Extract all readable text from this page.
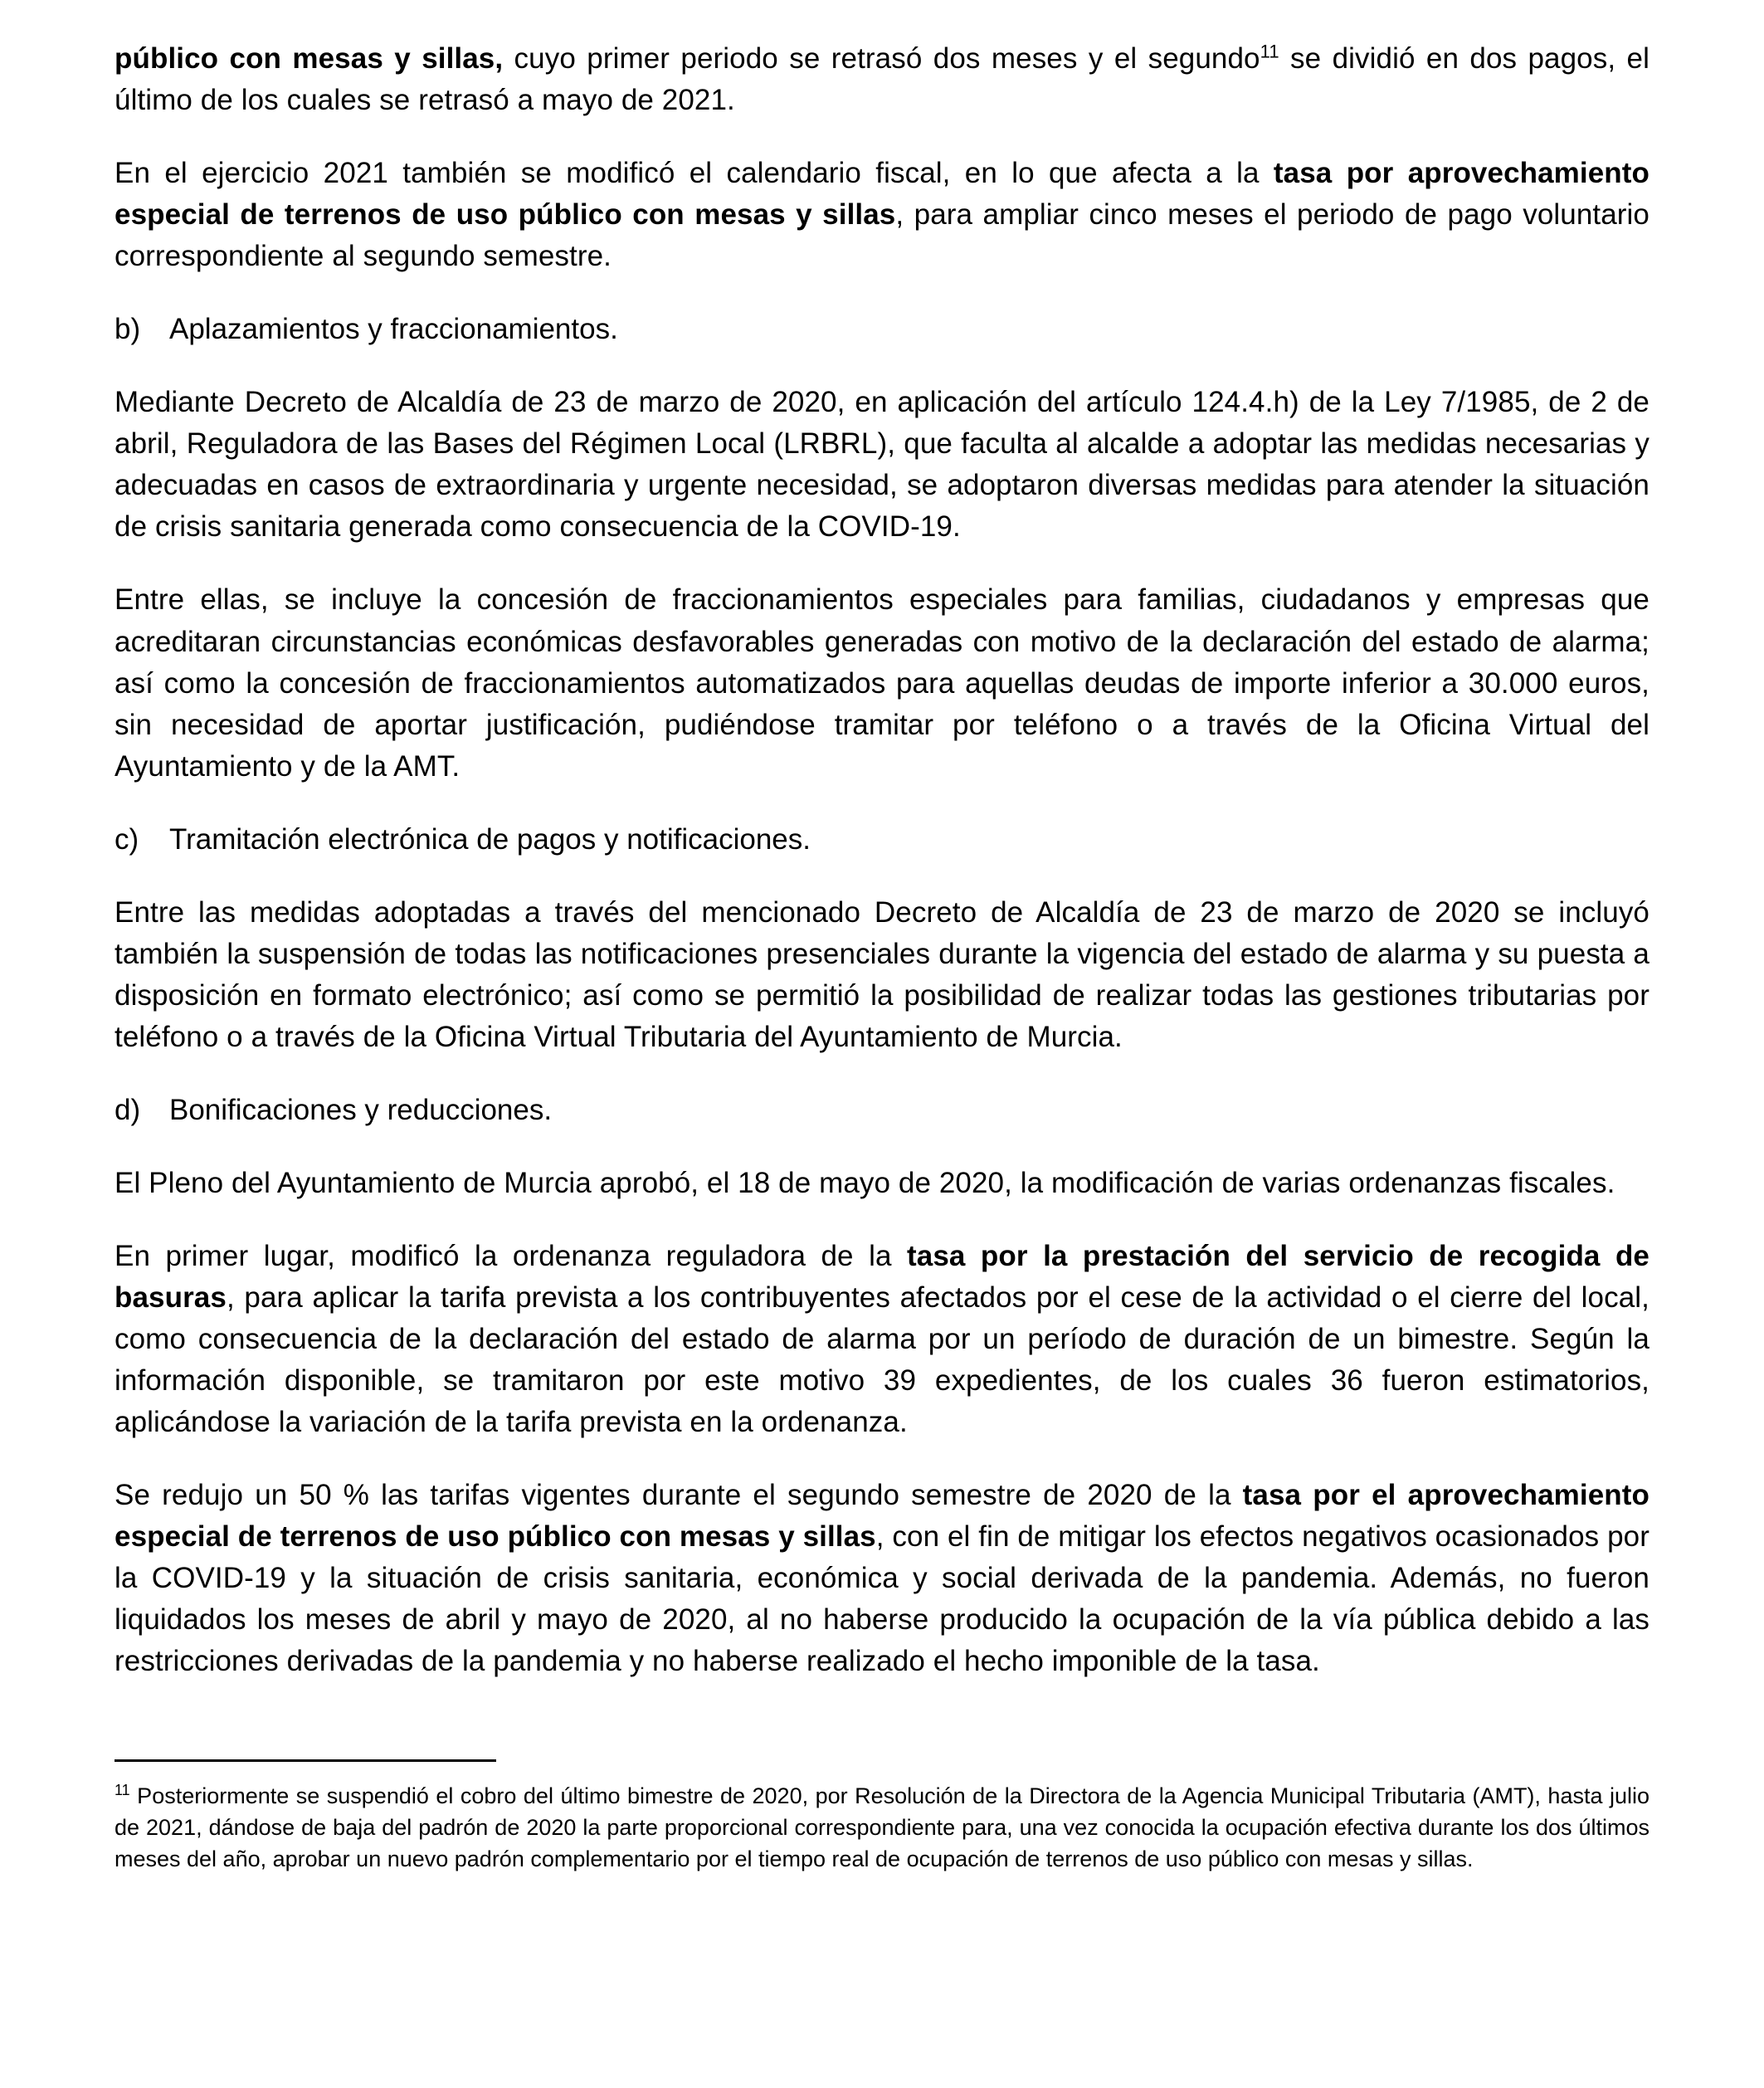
público con mesas y sillas, cuyo primer periodo se retrasó dos meses y el segundo$^{11}$ se dividió en dos pagos, el último de los cuales se retrasó a mayo de 2021.

En el ejercicio 2021 también se modificó el calendario fiscal, en lo que afecta a la tasa por aprovechamiento especial de terrenos de uso público con mesas y sillas, para ampliar cinco meses el periodo de pago voluntario correspondiente al segundo semestre.

b) Aplazamientos y fraccionamientos.

Mediante Decreto de Alcaldía de 23 de marzo de 2020, en aplicación del artículo 124.4.h) de la Ley 7/1985, de 2 de abril, Reguladora de las Bases del Régimen Local (LRBRL), que faculta al alcalde a adoptar las medidas necesarias y adecuadas en casos de extraordinaria y urgente necesidad, se adoptaron diversas medidas para atender la situación de crisis sanitaria generada como consecuencia de la COVID-19.

Entre ellas, se incluye la concesión de fraccionamientos especiales para familias, ciudadanos y empresas que acreditaran circunstancias económicas desfavorables generadas con motivo de la declaración del estado de alarma; así como la concesión de fraccionamientos automatizados para aquellas deudas de importe inferior a 30.000 euros, sin necesidad de aportar justificación, pudiéndose tramitar por teléfono o a través de la Oficina Virtual del Ayuntamiento y de la AMT.

c)	Tramitación electrónica de pagos y notificaciones.

Entre las medidas adoptadas a través del mencionado Decreto de Alcaldía de 23 de marzo de 2020 se incluyó también la suspensión de todas las notificaciones presenciales durante la vigencia del estado de alarma y su puesta a disposición en formato electrónico; así como se permitió la posibilidad de realizar todas las gestiones tributarias por teléfono o a través de la Oficina Virtual Tributaria del Ayuntamiento de Murcia.

d) Bonificaciones y reducciones.

El Pleno del Ayuntamiento de Murcia aprobó, el 18 de mayo de 2020, la modificación de varias ordenanzas fiscales.

En primer lugar, modificó la ordenanza reguladora de la tasa por la prestación del servicio de recogida de basuras, para aplicar la tarifa prevista a los contribuyentes afectados por el cese de la actividad o el cierre del local, como consecuencia de la declaración del estado de alarma por un período de duración de un bimestre. Según la información disponible, se tramitaron por este motivo 39 expedientes, de los cuales 36 fueron estimatorios, aplicándose la variación de la tarifa prevista en la ordenanza.

Se redujo un 50 % las tarifas vigentes durante el segundo semestre de 2020 de la tasa por el aprovechamiento especial de terrenos de uso público con mesas y sillas, con el fin de mitigar los efectos negativos ocasionados por la COVID-19 y la situación de crisis sanitaria, económica y social derivada de la pandemia. Además, no fueron liquidados los meses de abril y mayo de 2020, al no haberse producido la ocupación de la vía pública debido a las restricciones derivadas de la pandemia y no haberse realizado el hecho imponible de la tasa.

$^{11}$ Posteriormente se suspendió el cobro del último bimestre de 2020, por Resolución de la Directora de la Agencia Municipal Tributaria (AMT), hasta julio de 2021, dándose de baja del padrón de 2020 la parte proporcional correspondiente para, una vez conocida la ocupación efectiva durante los dos últimos meses del año, aprobar un nuevo padrón complementario por el tiempo real de ocupación de terrenos de uso público con mesas y sillas.
